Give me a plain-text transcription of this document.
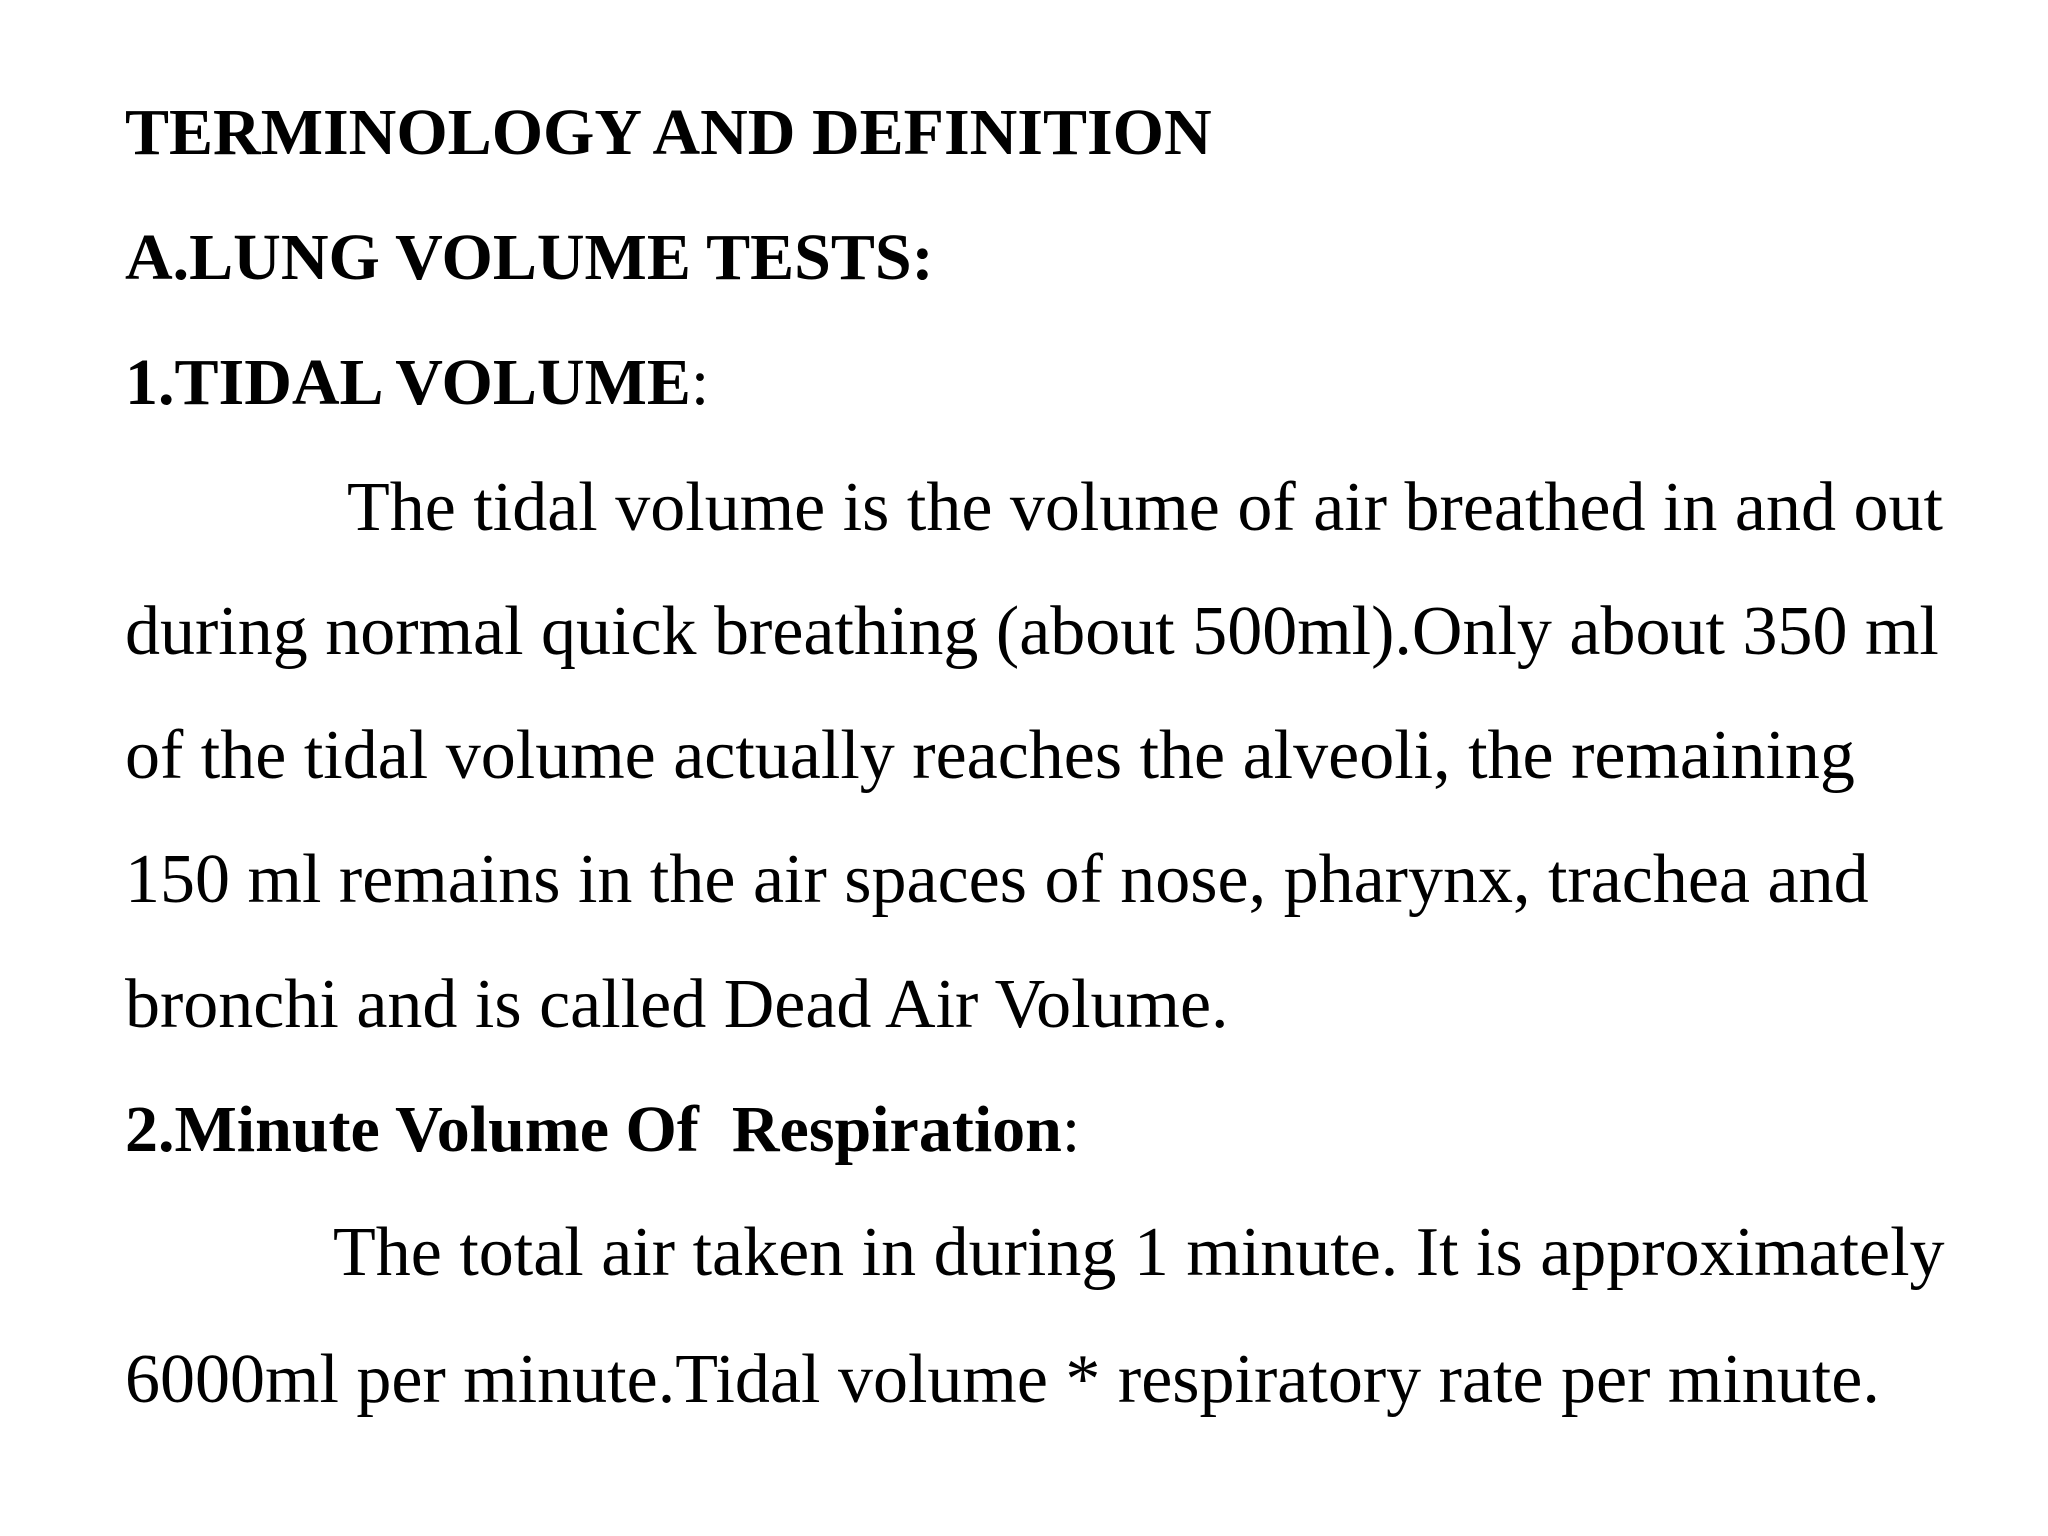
TERMINOLOGY AND DEFINITION

A.LUNG VOLUME TESTS:

1.TIDAL VOLUME:

The tidal volume is the volume of air breathed in and out

during normal quick breathing (about 500ml).Only about 350 ml

of the tidal volume actually reaches the alveoli, the remaining

150 ml remains in the air spaces of nose, pharynx, trachea and

bronchi and is called Dead Air Volume.

2.Minute Volume Of  Respiration:

The total air taken in during 1 minute. It is approximately

6000ml per minute.Tidal volume * respiratory rate per minute.
